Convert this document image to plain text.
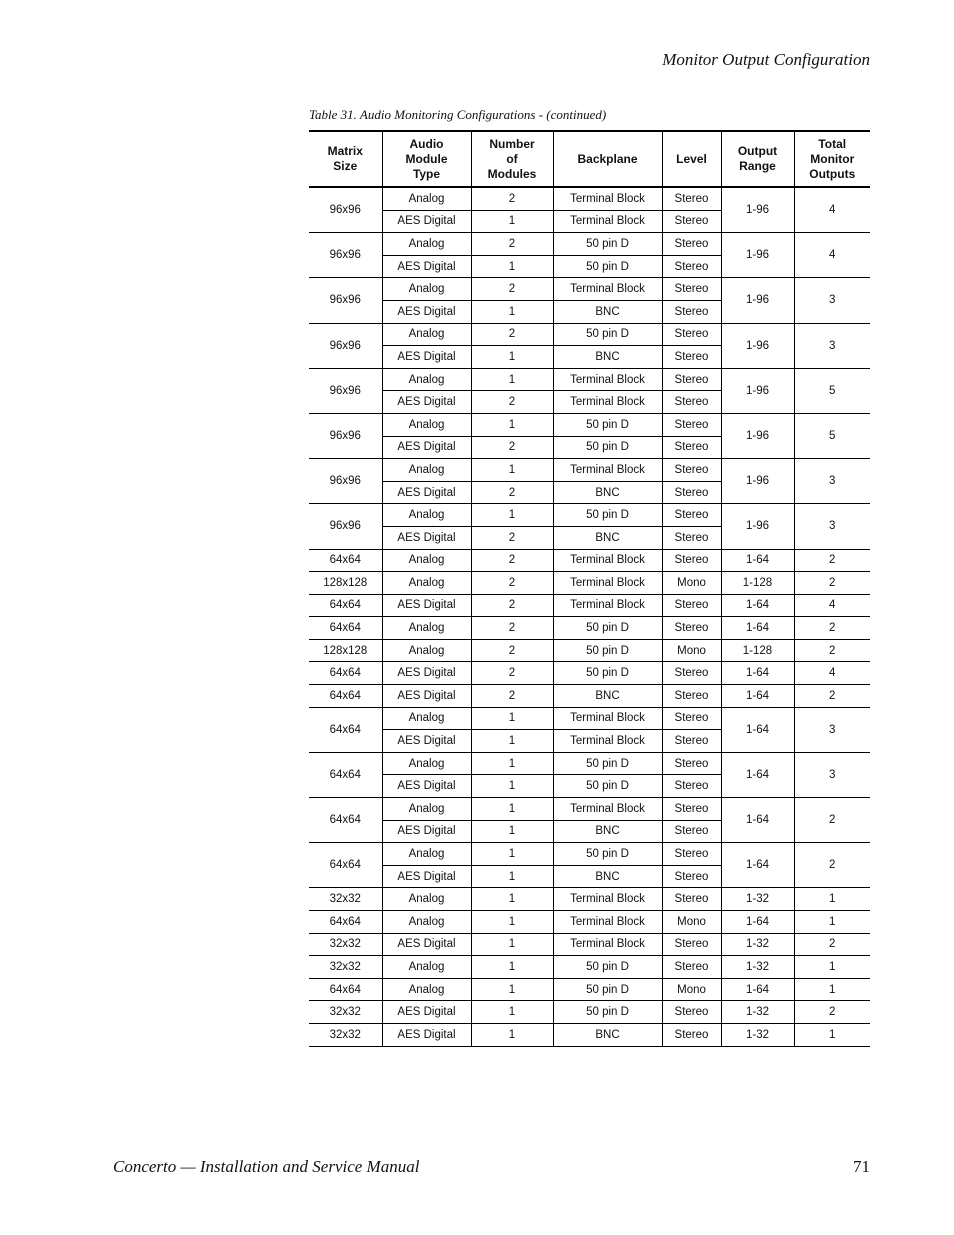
Monitor Output Configuration
Table 31. Audio Monitoring Configurations - (continued)
Matrix
Size	Audio
Module
Type	Number
of
Modules	Backplane	Level	Output
Range	Total
Monitor
Outputs

96x96	Analog	2	Terminal Block	Stereo	1-96	4
	AES Digital	1	Terminal Block	Stereo		
96x96	Analog	2	50 pin D	Stereo	1-96	4
	AES Digital	1	50 pin D	Stereo		
96x96	Analog	2	Terminal Block	Stereo	1-96	3
	AES Digital	1	BNC	Stereo		
96x96	Analog	2	50 pin D	Stereo	1-96	3
	AES Digital	1	BNC	Stereo		
96x96	Analog	1	Terminal Block	Stereo	1-96	5
	AES Digital	2	Terminal Block	Stereo		
96x96	Analog	1	50 pin D	Stereo	1-96	5
	AES Digital	2	50 pin D	Stereo		
96x96	Analog	1	Terminal Block	Stereo	1-96	3
	AES Digital	2	BNC	Stereo		
96x96	Analog	1	50 pin D	Stereo	1-96	3
	AES Digital	2	BNC	Stereo		
64x64	Analog	2	Terminal Block	Stereo	1-64	2
128x128	Analog	2	Terminal Block	Mono	1-128	2
64x64	AES Digital	2	Terminal Block	Stereo	1-64	4
64x64	Analog	2	50 pin D	Stereo	1-64	2
128x128	Analog	2	50 pin D	Mono	1-128	2
64x64	AES Digital	2	50 pin D	Stereo	1-64	4
64x64	AES Digital	2	BNC	Stereo	1-64	2
64x64	Analog	1	Terminal Block	Stereo	1-64	3
	AES Digital	1	Terminal Block	Stereo		
64x64	Analog	1	50 pin D	Stereo	1-64	3
	AES Digital	1	50 pin D	Stereo		
64x64	Analog	1	Terminal Block	Stereo	1-64	2
	AES Digital	1	BNC	Stereo		
64x64	Analog	1	50 pin D	Stereo	1-64	2
	AES Digital	1	BNC	Stereo		
32x32	Analog	1	Terminal Block	Stereo	1-32	1
64x64	Analog	1	Terminal Block	Mono	1-64	1
32x32	AES Digital	1	Terminal Block	Stereo	1-32	2
32x32	Analog	1	50 pin D	Stereo	1-32	1
64x64	Analog	1	50 pin D	Mono	1-64	1
32x32	AES Digital	1	50 pin D	Stereo	1-32	2
32x32	AES Digital	1	BNC	Stereo	1-32	1
Concerto — Installation and Service Manual	71
